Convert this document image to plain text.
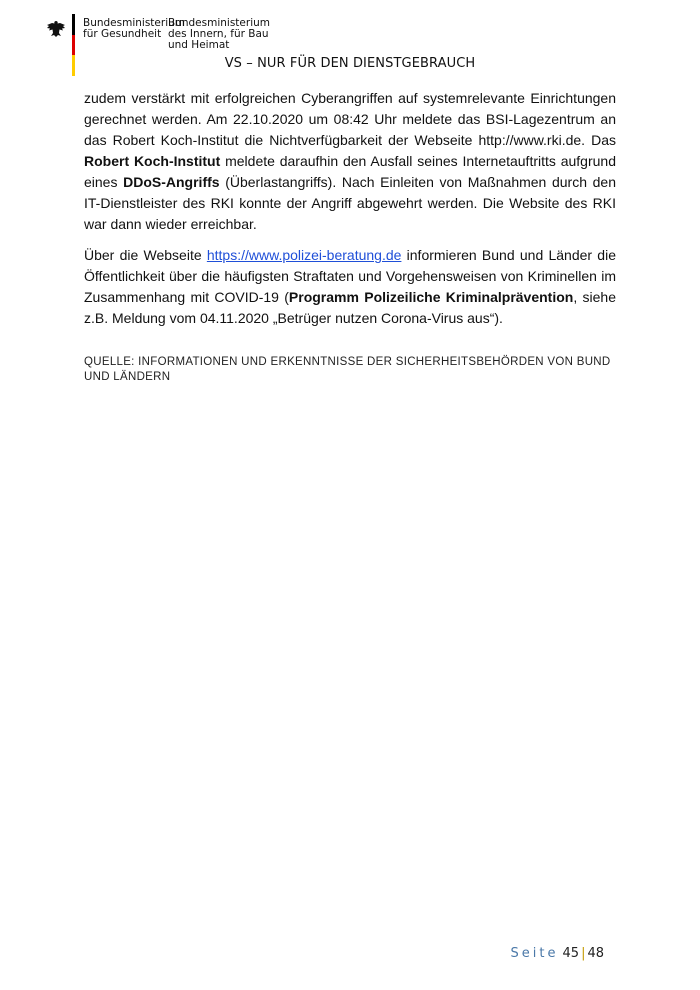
Bundesministerium
für Gesundheit
Bundesministerium
des Innern, für Bau
und Heimat
VS – NUR FÜR DEN DIENSTGEBRAUCH

zudem verstärkt mit erfolgreichen Cyberangriffen auf systemrelevante Einrichtungen gerechnet werden. Am 22.10.2020 um 08:42 Uhr meldete das BSI-Lagezentrum an das Robert Koch-Institut die Nichtverfügbarkeit der Webseite http://www.rki.de. Das Robert Koch-Institut meldete daraufhin den Ausfall seines Internetauftritts aufgrund eines DDoS-Angriffs (Überlastangriffs). Nach Einleiten von Maßnahmen durch den IT-Dienstleister des RKI konnte der Angriff abgewehrt werden. Die Website des RKI war dann wieder erreichbar.

Über die Webseite https://www.polizei-beratung.de informieren Bund und Länder die Öffentlichkeit über die häufigsten Straftaten und Vorgehensweisen von Kriminellen im Zusammenhang mit COVID-19 (Programm Polizeiliche Kriminalprävention, siehe z.B. Meldung vom 04.11.2020 „Betrüger nutzen Corona-Virus aus“).

QUELLE: INFORMATIONEN UND ERKENNTNISSE DER SICHERHEITSBEHÖRDEN VON BUND UND LÄNDERN
Seite 45 | 48
